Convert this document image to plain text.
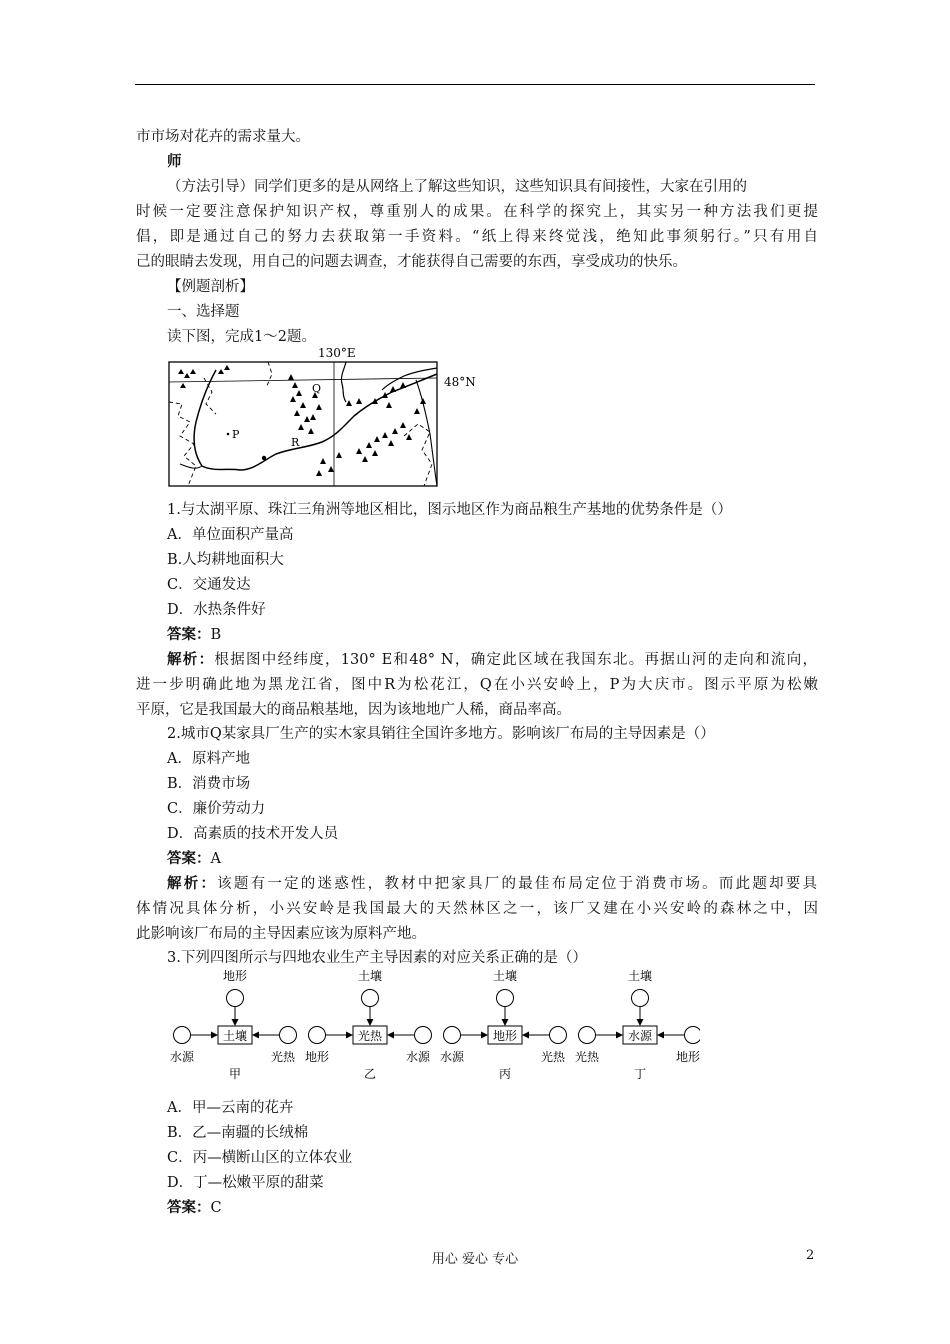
市市场对花卉的需求量大。
师
（方法引导）同学们更多的是从网络上了解这些知识，这些知识具有间接性，大家在引用的
时候一定要注意保护知识产权，尊重别人的成果。在科学的探究上，其实另一种方法我们更提
倡，即是通过自己的努力去获取第一手资料。“纸上得来终觉浅，绝知此事须躬行。”只有用自
己的眼睛去发现，用自己的问题去调查，才能获得自己需要的东西，享受成功的快乐。
【例题剖析】
一、选择题
读下图，完成1～2题。
130°E
48°N
P
Q
R
1.与太湖平原、珠江三角洲等地区相比，图示地区作为商品粮生产基地的优势条件是（）
A．单位面积产量高
B.人均耕地面积大
C．交通发达
D．水热条件好
答案：B
解析：根据图中经纬度，130° E和48° N，确定此区域在我国东北。再据山河的走向和流向，
进一步明确此地为黑龙江省，图中R为松花江，Q在小兴安岭上，P为大庆市。图示平原为松嫩
平原，它是我国最大的商品粮基地，因为该地地广人稀，商品率高。
2.城市Q某家具厂生产的实木家具销往全国许多地方。影响该厂布局的主导因素是（）
A．原料产地
B．消费市场
C．廉价劳动力
D．高素质的技术开发人员
答案：A
解析：该题有一定的迷惑性，教材中把家具厂的最佳布局定位于消费市场。而此题却要具
体情况具体分析，小兴安岭是我国最大的天然林区之一，该厂又建在小兴安岭的森林之中，因
此影响该厂布局的主导因素应该为原料产地。
3.下列四图所示与四地农业生产主导因素的对应关系正确的是（）
地形
土壤
水源	光热
甲
土壤
光热
地形	水源
乙
土壤
地形
水源	光热
丙
土壤
水源
光热	地形
丁
A．甲—云南的花卉
B．乙—南疆的长绒棉
C．丙—横断山区的立体农业
D．丁—松嫩平原的甜菜
答案：C
用心 爱心 专心	2
